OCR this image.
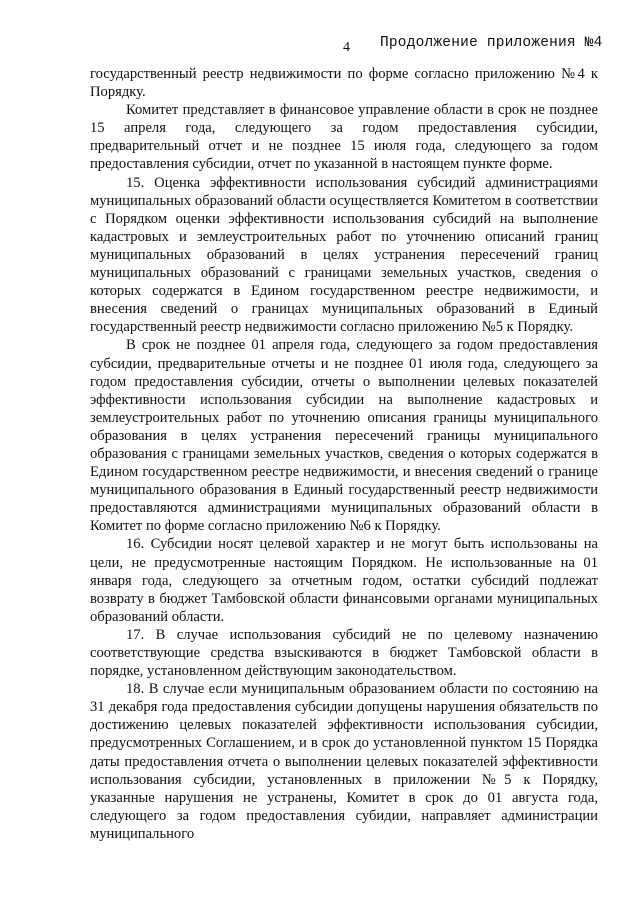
4 Продолжение приложения №4

государственный реестр недвижимости по форме согласно приложению №4 к Порядку.

Комитет представляет в финансовое управление области в срок не позднее 15 апреля года, следующего за годом предоставления субсидии, предварительный отчет и не позднее 15 июля года, следующего за годом предоставления субсидии, отчет по указанной в настоящем пункте форме.

15. Оценка эффективности использования субсидий администрациями муниципальных образований области осуществляется Комитетом в соответствии с Порядком оценки эффективности использования субсидий на выполнение кадастровых и землеустроительных работ по уточнению описаний границ муниципальных образований в целях устранения пересечений границ муниципальных образований с границами земельных участков, сведения о которых содержатся в Едином государственном реестре недвижимости, и внесения сведений о границах муниципальных образований в Единый государственный реестр недвижимости согласно приложению №5 к Порядку.

В срок не позднее 01 апреля года, следующего за годом предоставления субсидии, предварительные отчеты и не позднее 01 июля года, следующего за годом предоставления субсидии, отчеты о выполнении целевых показателей эффективности использования субсидии на выполнение кадастровых и землеустроительных работ по уточнению описания границы муниципального образования в целях устранения пересечений границы муниципального образования с границами земельных участков, сведения о которых содержатся в Едином государственном реестре недвижимости, и внесения сведений о границе муниципального образования в Единый государственный реестр недвижимости предоставляются администрациями муниципальных образований области в Комитет по форме согласно приложению №6 к Порядку.

16. Субсидии носят целевой характер и не могут быть использованы на цели, не предусмотренные настоящим Порядком. Не использованные на 01 января года, следующего за отчетным годом, остатки субсидий подлежат возврату в бюджет Тамбовской области финансовыми органами муниципальных образований области.

17. В случае использования субсидий не по целевому назначению соответствующие средства взыскиваются в бюджет Тамбовской области в порядке, установленном действующим законодательством.

18. В случае если муниципальным образованием области по состоянию на 31 декабря года предоставления субсидии допущены нарушения обязательств по достижению целевых показателей эффективности использования субсидии, предусмотренных Соглашением, и в срок до установленной пунктом 15 Порядка даты предоставления отчета о выполнении целевых показателей эффективности использования субсидии, установленных в приложении №5 к Порядку, указанные нарушения не устранены, Комитет в срок до 01 августа года, следующего за годом предоставления субидии, направляет администрации муниципального
